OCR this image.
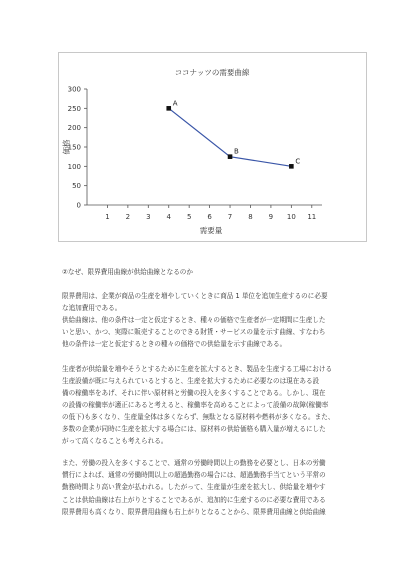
ココナッツの需要曲線
0
50
100
150
200
250
300
1 2 3 4 5 6 7 8 9 10 11
需要量
価格
A
B
C

②なぜ、限界費用曲線が供給曲線となるのか

限界費用は、企業が商品の生産を増やしていくときに商品 1 単位を追加生産するのに必要

な追加費用である。

供給曲線は、他の条件は一定と仮定するとき、種々の価格で生産者が一定期間に生産した

いと思い、かつ、実際に販売することのできる財貨・サービスの量を示す曲線、すなわち

他の条件は一定と仮定するときの種々の価格での供給量を示す曲線である。

生産者が供給量を増やそうとするために生産を拡大するとき、製品を生産する工場における

生産設備が既に与えられているとすると、生産を拡大するために必要なのは現在ある設

備の稼働率をあげ、それに伴い原材料と労働の投入を多くすることである。しかし、現在

の設備の稼働率が適正にあると考えると、稼働率を高めることによって設備の故障(稼働率

の低下)も多くなり、生産量全体は多くならず、無駄となる原材料や燃料が多くなる。また、

多数の企業が同時に生産を拡大する場合には、原材料の供給価格も購入量が増えるにした

がって高くなることも考えられる。

また、労働の投入を多くすることで、通常の労働時間以上の勤務を必要とし、日本の労働

慣行によれば、通常の労働時間以上の超過勤務の場合には、超過勤務手当てという平常の

勤務時間より高い賃金が払われる。したがって、生産量が生産を拡大し、供給量を増やす

ことは供給曲線は右上がりとすることであるが、追加的に生産するのに必要な費用である

限界費用も高くなり、限界費用曲線も右上がりとなることから、限界費用曲線と供給曲線
